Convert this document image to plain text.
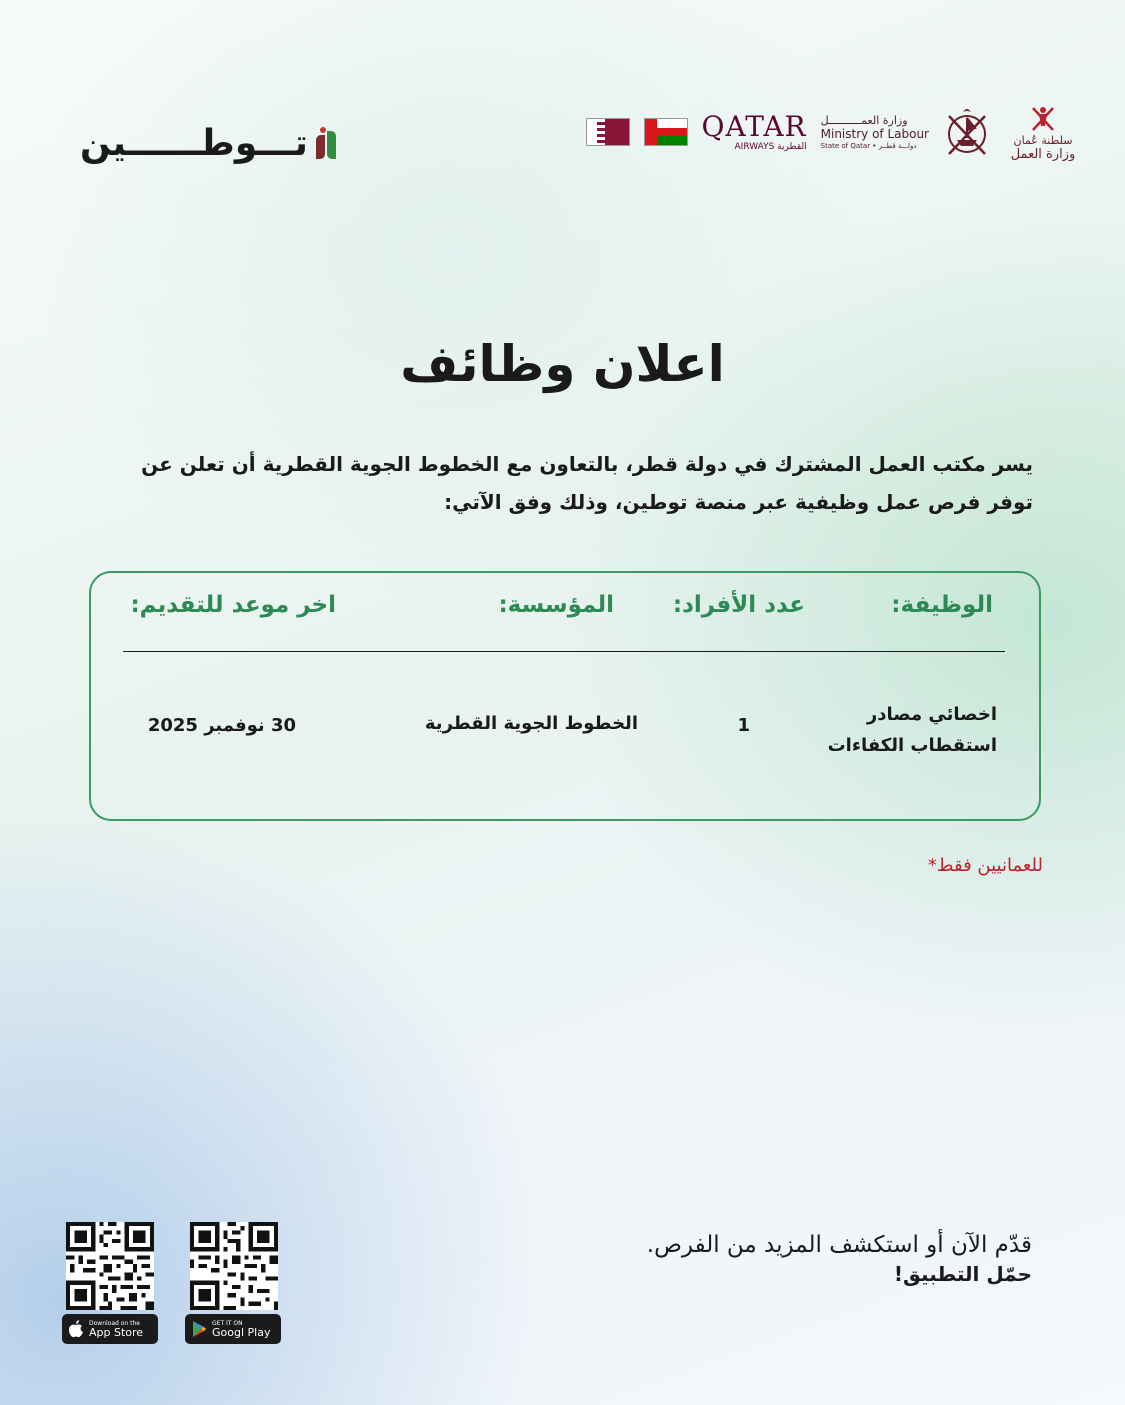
تـــوطــــــين	QATAR
AIRWAYS القطرية
وزارة العمــــــــــل
Ministry of Labour
State of Qatar • دولـــة قطــر	سلطنة عُمان
وزارة العمل
اعلان وظائف
يسر مكتب العمل المشترك في دولة قطر، بالتعاون مع الخطوط الجوية القطرية أن تعلن عن توفر فرص عمل وظيفية عبر منصة توطين، وذلك وفق الآتي:
الوظيفة:
عدد الأفراد:
المؤسسة:
اخر موعد للتقديم:
اخصائي مصادر
استقطاب الكفاءات
1
الخطوط الجوية القطرية
30 نوفمبر 2025
للعمانيين فقط*
قدّم الآن أو استكشف المزيد من الفرص.
حمّل التطبيق!
Download on the
App Store
GET IT ON
Googl Play
